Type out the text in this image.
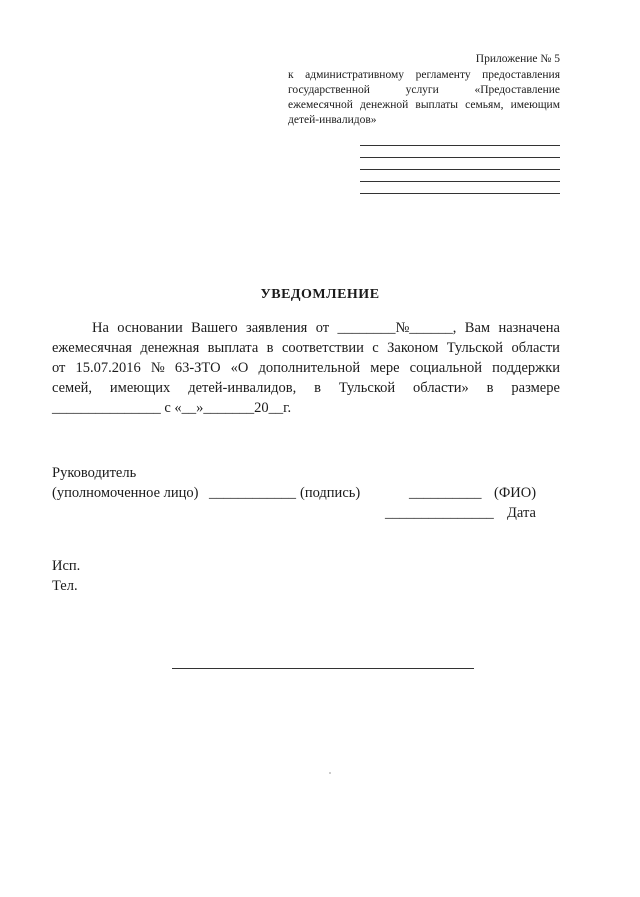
Приложение № 5
к административному регламенту предоставления государственной услуги «Предоставление ежемесячной денежной выплаты семьям, имеющим детей-инвалидов»
УВЕДОМЛЕНИЕ
На основании Вашего заявления от ________№______, Вам назначена
ежемесячная денежная выплата в соответствии с Законом Тульской области
от 15.07.2016 № 63-ЗТО «О дополнительной мере социальной поддержки
семей, имеющих детей-инвалидов, в Тульской области» в размере
_______________ с «__»_______20__г.
Руководитель
(уполномоченное лицо) ____________ (подпись)	__________ (ФИО)
_______________ Дата
Исп.
Тел.
